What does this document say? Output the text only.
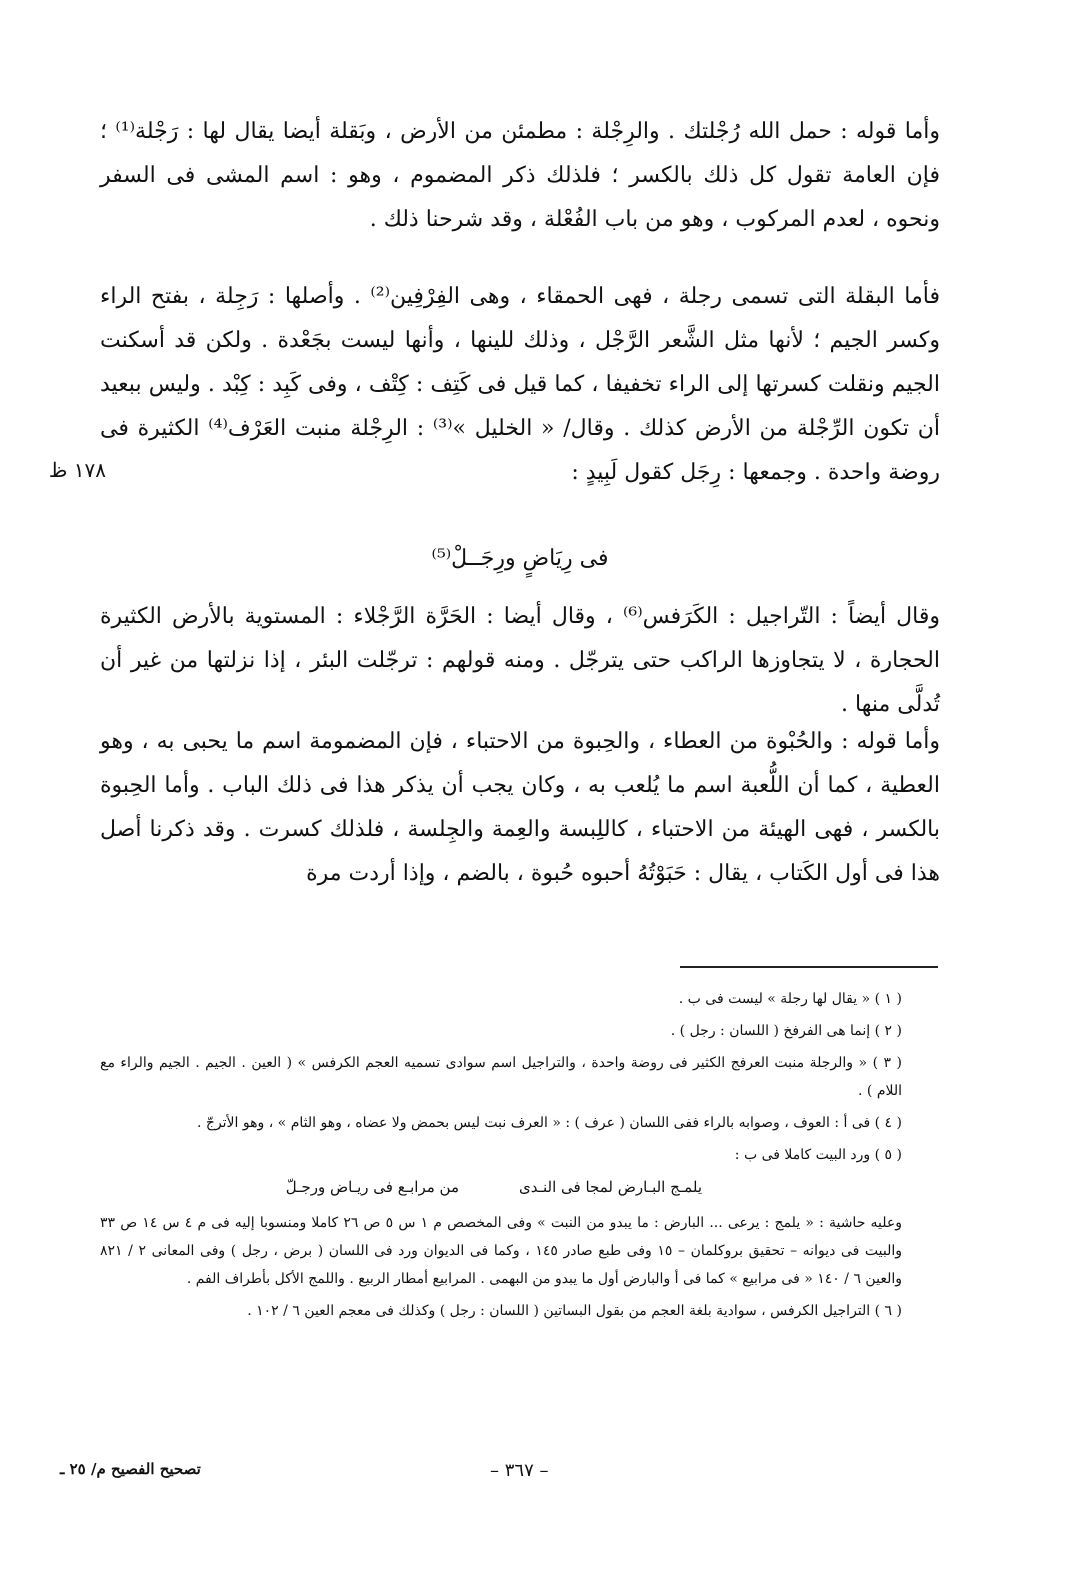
١٧٨ ظ

وأما قوله : حمل الله رُجْلتك . والرِجْلة : مطمئن من الأرض ، وبَقلة أيضا يقال لها : رَجْلة⁽¹⁾ ؛ فإن العامة تقول كل ذلك بالكسر ؛ فلذلك ذكر المضموم ، وهو : اسم المشى فى السفر ونحوه ، لعدم المركوب ، وهو من باب الفُعْلة ، وقد شرحنا ذلك .

فأما البقلة التى تسمى رجلة ، فهى الحمقاء ، وهى الفِرْفِين⁽²⁾ . وأصلها : رَجِلة ، بفتح الراء وكسر الجيم ؛ لأنها مثل الشَّعر الرَّجْل ، وذلك للينها ، وأنها ليست بجَعْدة . ولكن قد أسكنت الجيم ونقلت كسرتها إلى الراء تخفيفا ، كما قيل فى كَتِف : كِتْف ، وفى كَبِد : كِبْد . وليس ببعيد أن تكون الرِّجْلة من الأرض كذلك . وقال/ « الخليل »⁽³⁾ : الرِجْلة منبت العَرْف⁽⁴⁾ الكثيرة فى روضة واحدة . وجمعها : رِجَل كقول لَبِيدٍ :

فى رِيَاضٍ ورِجَــلْ⁽⁵⁾

وقال أيضاً : التّراجيل : الكَرَفس⁽⁶⁾ ، وقال أيضا : الحَرَّة الرَّجْلاء : المستوية بالأرض الكثيرة الحجارة ، لا يتجاوزها الراكب حتى يترجّل . ومنه قولهم : ترجّلت البئر ، إذا نزلتها من غير أن تُدلَّى منها .

وأما قوله : والحُبْوة من العطاء ، والحِبوة من الاحتباء ، فإن المضمومة اسم ما يحبى به ، وهو العطية ، كما أن اللُّعبة اسم ما يُلعب به ، وكان يجب أن يذكر هذا فى ذلك الباب . وأما الحِبوة بالكسر ، فهى الهيئة من الاحتباء ، كاللِبسة والعِمة والجِلسة ، فلذلك كسرت . وقد ذكرنا أصل هذا فى أول الكَتاب ، يقال : حَبَوْتُهُ أحبوه حُبوة ، بالضم ، وإذا أردت مرة

( ١ ) « يقال لها رجلة » ليست فى ب .

( ٢ ) إنما هى الفرفخ ( اللسان : رجل ) .

( ٣ ) « والرجلة منبت العرفج الكثير فى روضة واحدة ، والتراجيل اسم سوادى تسميه العجم الكرفس » ( العين . الجيم . الجيم والراء مع اللام ) .

( ٤ ) فى أ : العوف ، وصوابه بالراء ففى اللسان ( عرف ) : « العرف نبت ليس بحمض ولا عضاه ، وهو الثام » ، وهو الأترجّ .

( ٥ ) ورد البيت كاملا فى ب :

يلمـج البـارض لمجا فى النـدى
من مرابـع فى ريـاض ورجـلّ

وعليه حاشية : « يلمج : يرعى ... البارض : ما يبدو من النبت » وفى المخصص م ١ س ٥ ص ٢٦ كاملا ومنسوبا إليه فى م ٤ س ١٤ ص ٣٣ والبيت فى ديوانه – تحقيق بروكلمان – ١٥ وفى طبع صادر ١٤٥ ، وكما فى الديوان ورد فى اللسان ( برض ، رجل ) وفى المعانى ٢ / ٨٢١ والعين ٦ / ١٤٠ « فى مرابيع » كما فى أ والبارض أول ما يبدو من البهمى . المرابيع أمطار الربيع . واللمج الأكل بأطراف الفم .

( ٦ ) التراجيل الكرفس ، سوادية بلغة العجم من بقول البساتين ( اللسان : رجل ) وكذلك فى معجم العين ٦ / ١٠٢ .

تصحيح الفصيح م/ ٢٥ ـ	– ٣٦٧ –
